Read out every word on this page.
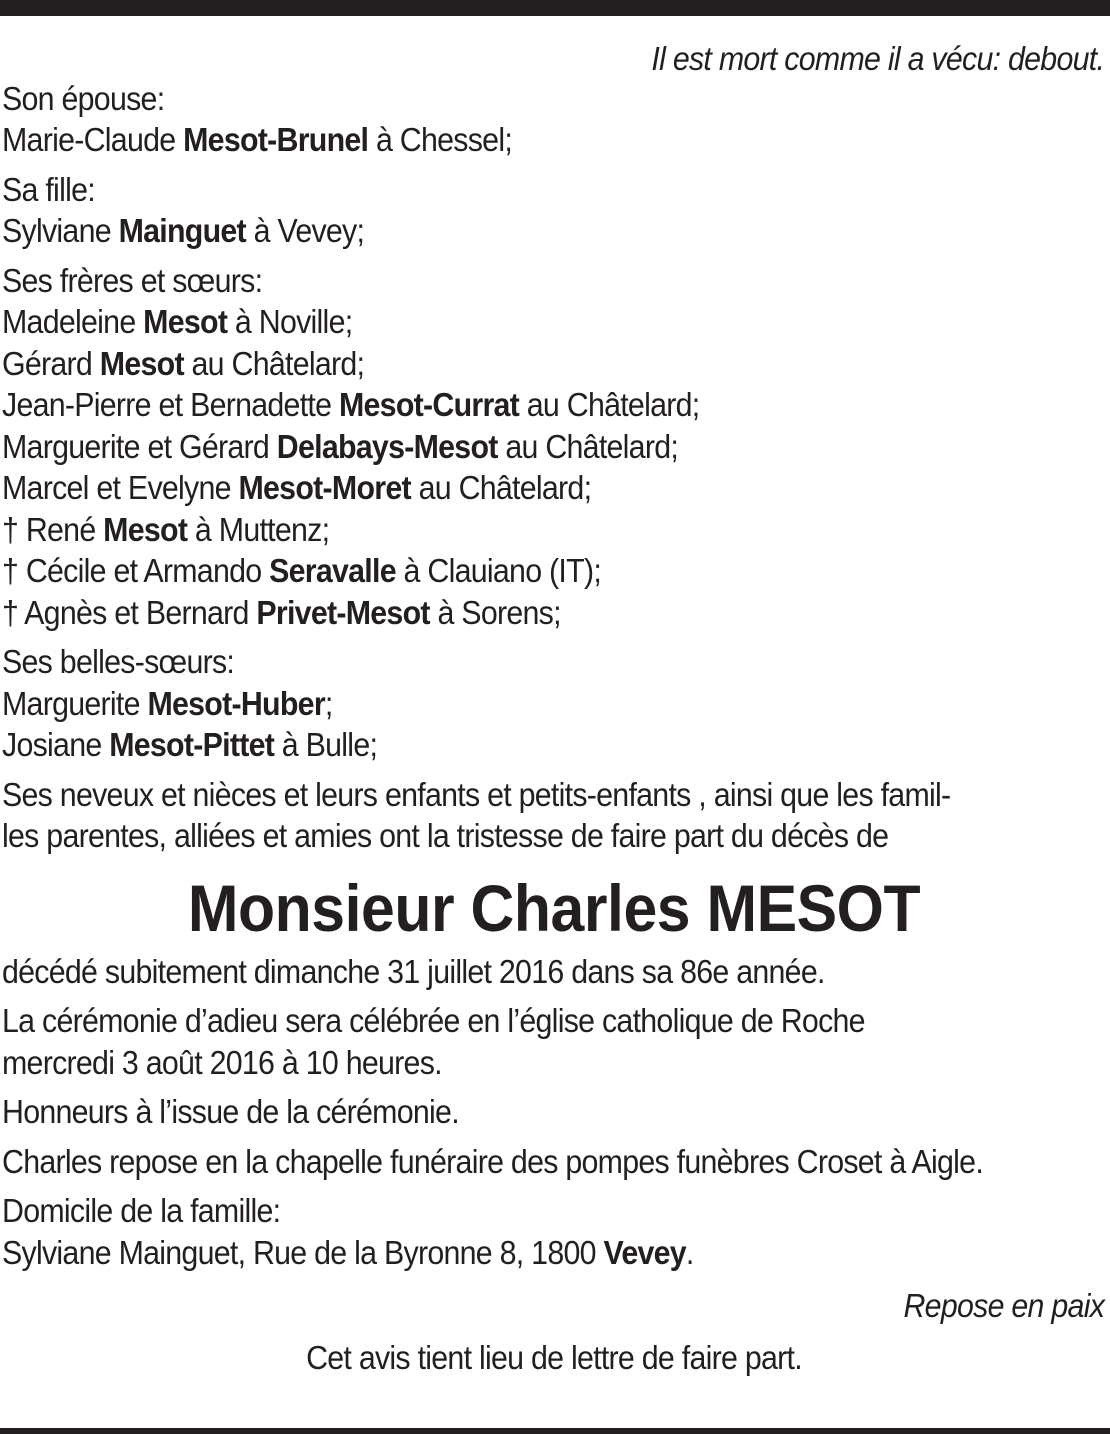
Il est mort comme il a vécu: debout.
Son épouse:
Marie-Claude Mesot-Brunel à Chessel;
Sa fille:
Sylviane Mainguet à Vevey;
Ses frères et sœurs:
Madeleine Mesot à Noville;
Gérard Mesot au Châtelard;
Jean-Pierre et Bernadette Mesot-Currat au Châtelard;
Marguerite et Gérard Delabays-Mesot au Châtelard;
Marcel et Evelyne Mesot-Moret au Châtelard;
† René Mesot à Muttenz;
† Cécile et Armando Seravalle à Clauiano (IT);
† Agnès et Bernard Privet-Mesot à Sorens;
Ses belles-sœurs:
Marguerite Mesot-Huber;
Josiane Mesot-Pittet à Bulle;
Ses neveux et nièces et leurs enfants et petits-enfants , ainsi que les famil-
les parentes, alliées et amies ont la tristesse de faire part du décès de
Monsieur Charles MESOT
décédé subitement dimanche 31 juillet 2016 dans sa 86e année.
La cérémonie d’adieu sera célébrée en l’église catholique de Roche
mercredi 3 août 2016 à 10 heures.
Honneurs à l’issue de la cérémonie.
Charles repose en la chapelle funéraire des pompes funèbres Croset à Aigle.
Domicile de la famille:
Sylviane Mainguet, Rue de la Byronne 8, 1800 Vevey.
Repose en paix
Cet avis tient lieu de lettre de faire part.
